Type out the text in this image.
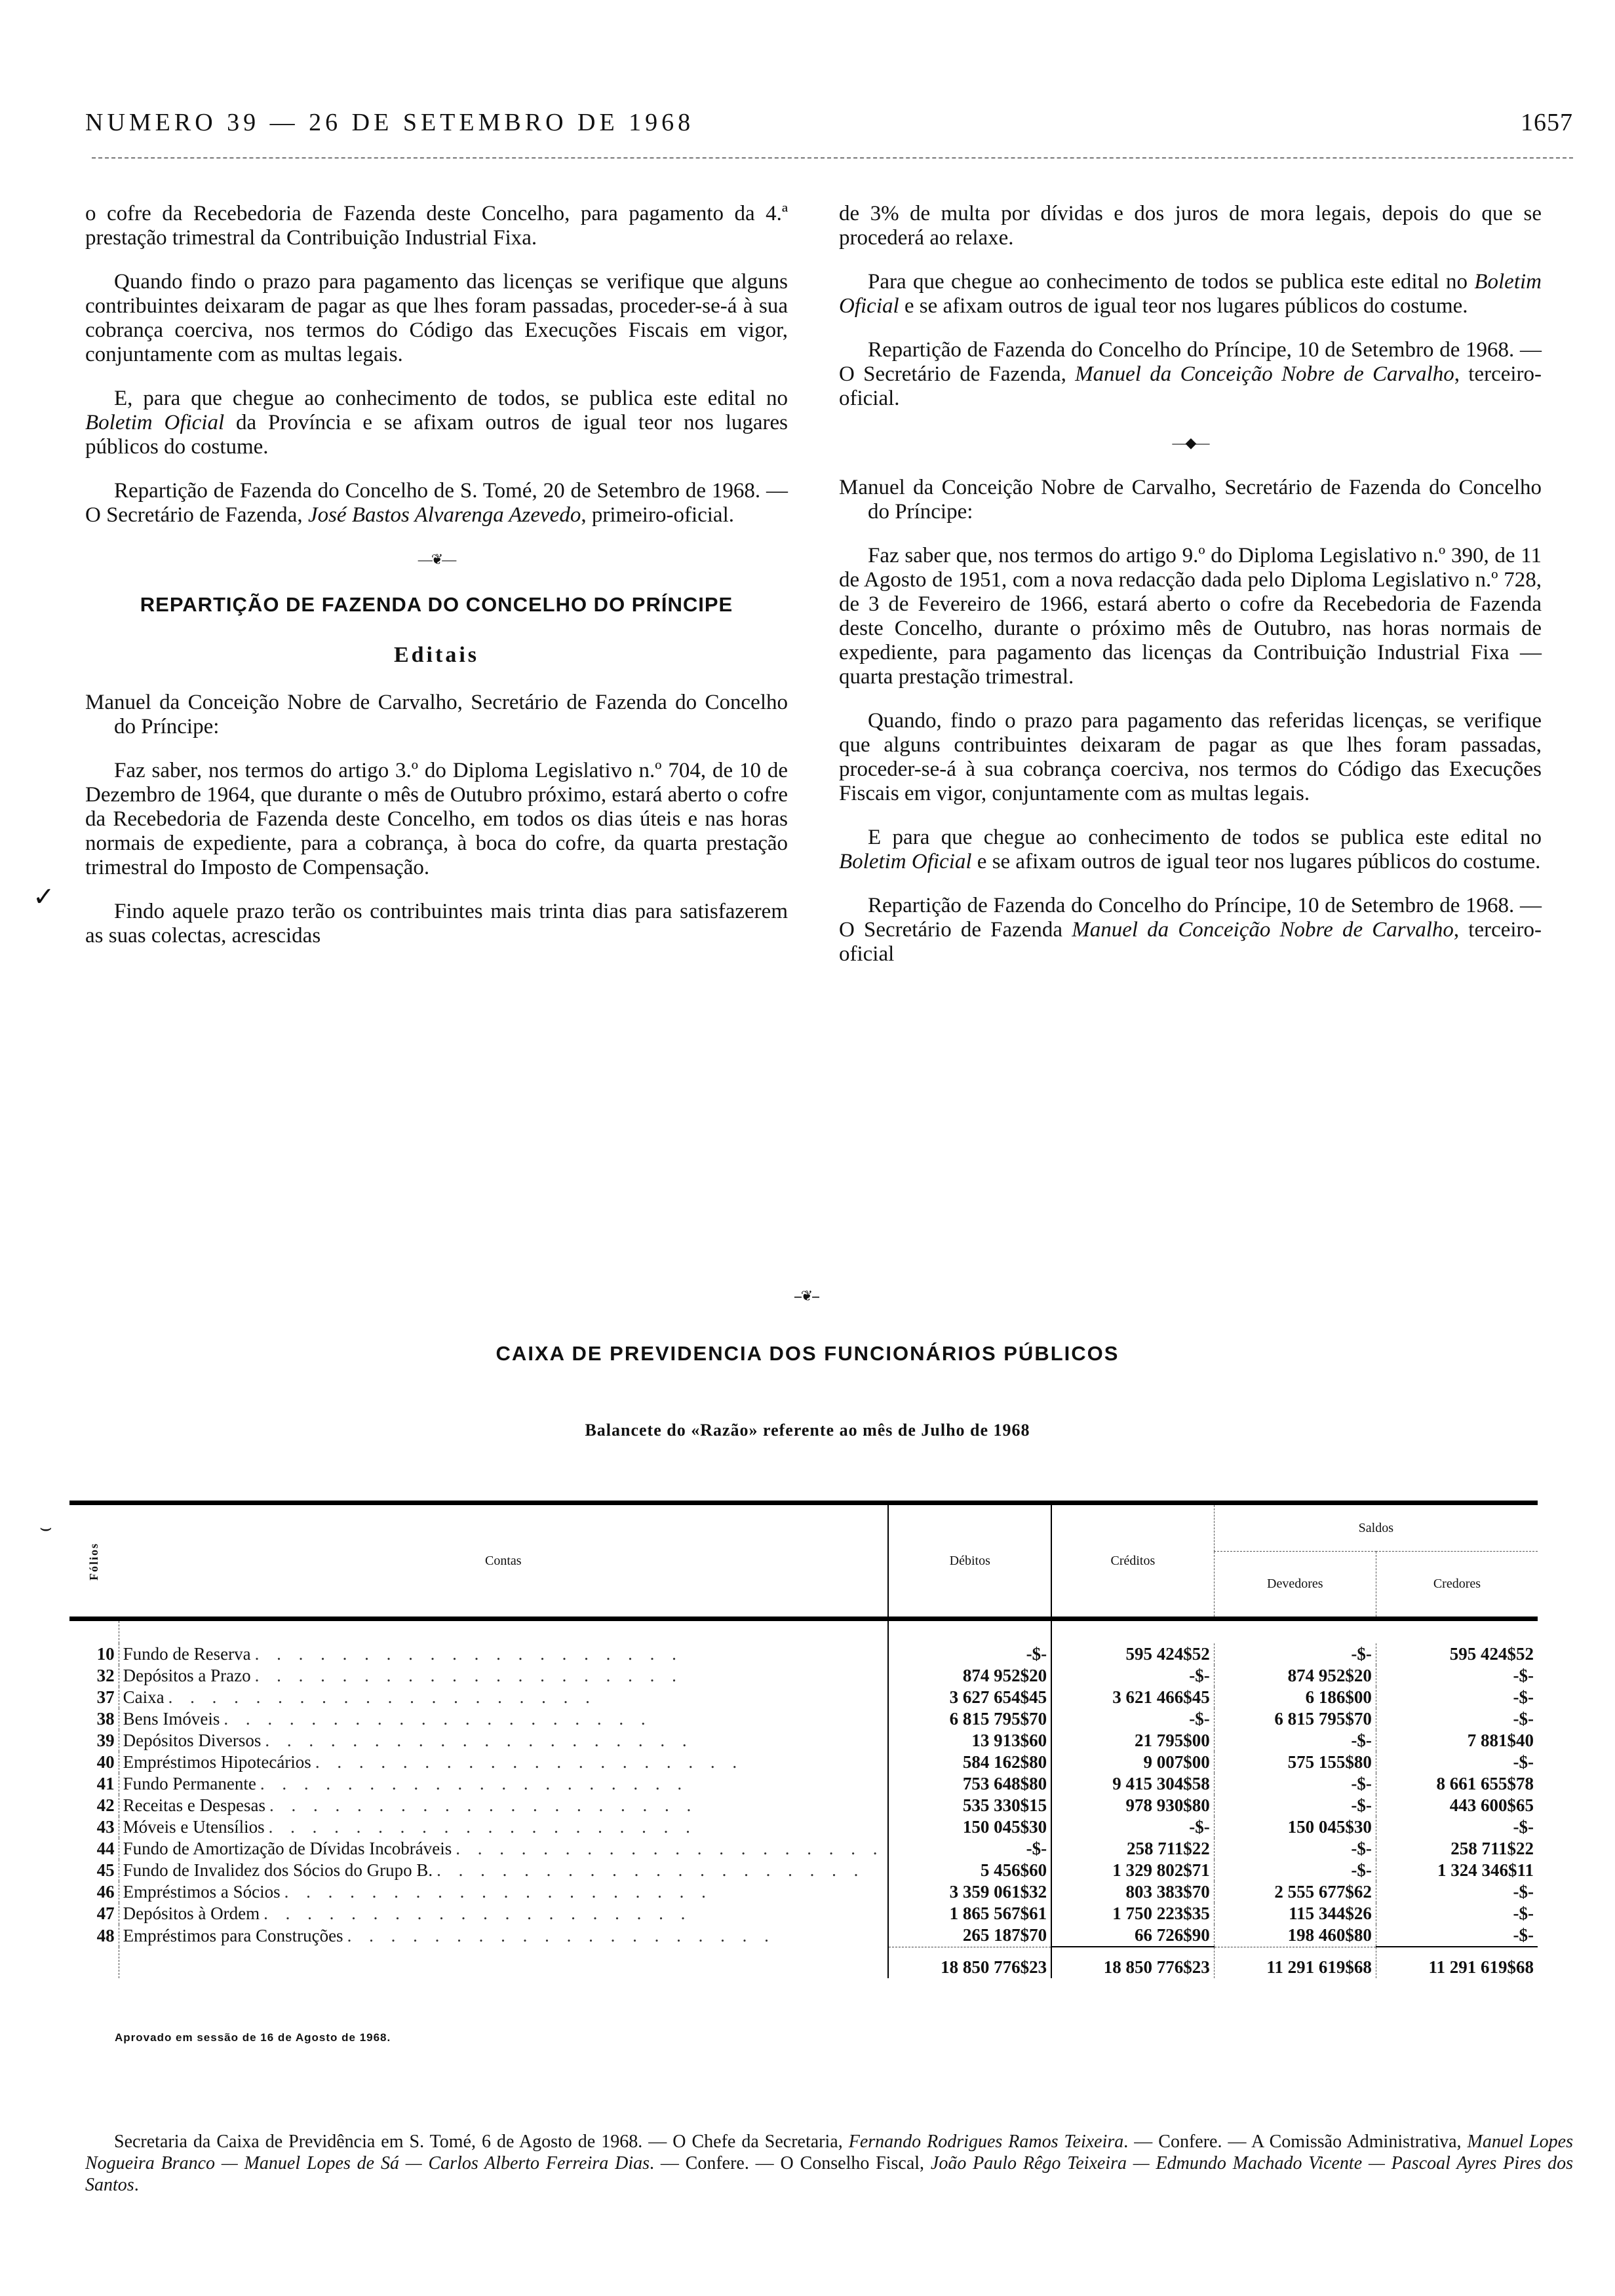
NUMERO 39 — 26 DE SETEMBRO DE 1968	1657

o cofre da Recebedoria de Fazenda deste Concelho, para pagamento da 4.ª prestação trimestral da Contribuição Industrial Fixa.

Quando findo o prazo para pagamento das licenças se verifique que alguns contribuintes deixaram de pagar as que lhes foram passadas, proceder-se-á à sua cobrança coerciva, nos termos do Código das Execuções Fiscais em vigor, conjuntamente com as multas legais.

E, para que chegue ao conhecimento de todos, se publica este edital no Boletim Oficial da Província e se afixam outros de igual teor nos lugares públicos do costume.

Repartição de Fazenda do Concelho de S. Tomé, 20 de Setembro de 1968. — O Secretário de Fazenda, José Bastos Alvarenga Azevedo, primeiro-oficial.

—❦—
REPARTIÇÃO DE FAZENDA DO CONCELHO DO PRÍNCIPE
Editais

Manuel da Conceição Nobre de Carvalho, Secretário de Fazenda do Concelho do Príncipe:

Faz saber, nos termos do artigo 3.º do Diploma Legislativo n.º 704, de 10 de Dezembro de 1964, que durante o mês de Outubro próximo, estará aberto o cofre da Recebedoria de Fazenda deste Concelho, em todos os dias úteis e nas horas normais de expediente, para a cobrança, à boca do cofre, da quarta prestação trimestral do Imposto de Compensação.

Findo aquele prazo terão os contribuintes mais trinta dias para satisfazerem as suas colectas, acrescidas

de 3% de multa por dívidas e dos juros de mora legais, depois do que se procederá ao relaxe.

Para que chegue ao conhecimento de todos se publica este edital no Boletim Oficial e se afixam outros de igual teor nos lugares públicos do costume.

Repartição de Fazenda do Concelho do Príncipe, 10 de Setembro de 1968. — O Secretário de Fazenda, Manuel da Conceição Nobre de Carvalho, terceiro-oficial.

—◆—

Manuel da Conceição Nobre de Carvalho, Secretário de Fazenda do Concelho do Príncipe:

Faz saber que, nos termos do artigo 9.º do Diploma Legislativo n.º 390, de 11 de Agosto de 1951, com a nova redacção dada pelo Diploma Legislativo n.º 728, de 3 de Fevereiro de 1966, estará aberto o cofre da Recebedoria de Fazenda deste Concelho, durante o próximo mês de Outubro, nas horas normais de expediente, para pagamento das licenças da Contribuição Industrial Fixa — quarta prestação trimestral.

Quando, findo o prazo para pagamento das referidas licenças, se verifique que alguns contribuintes deixaram de pagar as que lhes foram passadas, proceder-se-á à sua cobrança coerciva, nos termos do Código das Execuções Fiscais em vigor, conjuntamente com as multas legais.

E para que chegue ao conhecimento de todos se publica este edital no Boletim Oficial e se afixam outros de igual teor nos lugares públicos do costume.

Repartição de Fazenda do Concelho do Príncipe, 10 de Setembro de 1968. — O Secretário de Fazenda Manuel da Conceição Nobre de Carvalho, terceiro-oficial

--❦--
CAIXA DE PREVIDENCIA DOS FUNCIONÁRIOS PÚBLICOS
Balancete do «Razão» referente ao mês de Julho de 1968
Fólios	Contas	Débitos	Créditos	Saldos	
				Devedores	Credores

10	Fundo de Reserva . . . . . . . . . . . . . . . . . . . .	-$-	595 424$52	-$-	595 424$52
32	Depósitos a Prazo . . . . . . . . . . . . . . . . . . . .	874 952$20	-$-	874 952$20	-$-
37	Caixa . . . . . . . . . . . . . . . . . . . .	3 627 654$45	3 621 466$45	6 186$00	-$-
38	Bens Imóveis . . . . . . . . . . . . . . . . . . . .	6 815 795$70	-$-	6 815 795$70	-$-
39	Depósitos Diversos . . . . . . . . . . . . . . . . . . . .	13 913$60	21 795$00	-$-	7 881$40
40	Empréstimos Hipotecários . . . . . . . . . . . . . . . . . . . .	584 162$80	9 007$00	575 155$80	-$-
41	Fundo Permanente . . . . . . . . . . . . . . . . . . . .	753 648$80	9 415 304$58	-$-	8 661 655$78
42	Receitas e Despesas . . . . . . . . . . . . . . . . . . . .	535 330$15	978 930$80	-$-	443 600$65
43	Móveis e Utensílios . . . . . . . . . . . . . . . . . . . .	150 045$30	-$-	150 045$30	-$-
44	Fundo de Amortização de Dívidas Incobráveis . . . . . . . . . . . . . . . . . . . .	-$-	258 711$22	-$-	258 711$22
45	Fundo de Invalidez dos Sócios do Grupo B. . . . . . . . . . . . . . . . . . . . .	5 456$60	1 329 802$71	-$-	1 324 346$11
46	Empréstimos a Sócios . . . . . . . . . . . . . . . . . . . .	3 359 061$32	803 383$70	2 555 677$62	-$-
47	Depósitos à Ordem . . . . . . . . . . . . . . . . . . . .	1 865 567$61	1 750 223$35	115 344$26	-$-
48	Empréstimos para Construções . . . . . . . . . . . . . . . . . . . .	265 187$70	66 726$90	198 460$80	-$-
		18 850 776$23	18 850 776$23	11 291 619$68	11 291 619$68
Aprovado em sessão de 16 de Agosto de 1968.

Secretaria da Caixa de Previdência em S. Tomé, 6 de Agosto de 1968. — O Chefe da Secretaria, Fernando Rodrigues Ramos Teixeira. — Confere. — A Comissão Administrativa, Manuel Lopes Nogueira Branco — Manuel Lopes de Sá — Carlos Alberto Ferreira Dias. — Confere. — O Conselho Fiscal, João Paulo Rêgo Teixeira — Edmundo Machado Vicente — Pascoal Ayres Pires dos Santos.

✓
⌣
